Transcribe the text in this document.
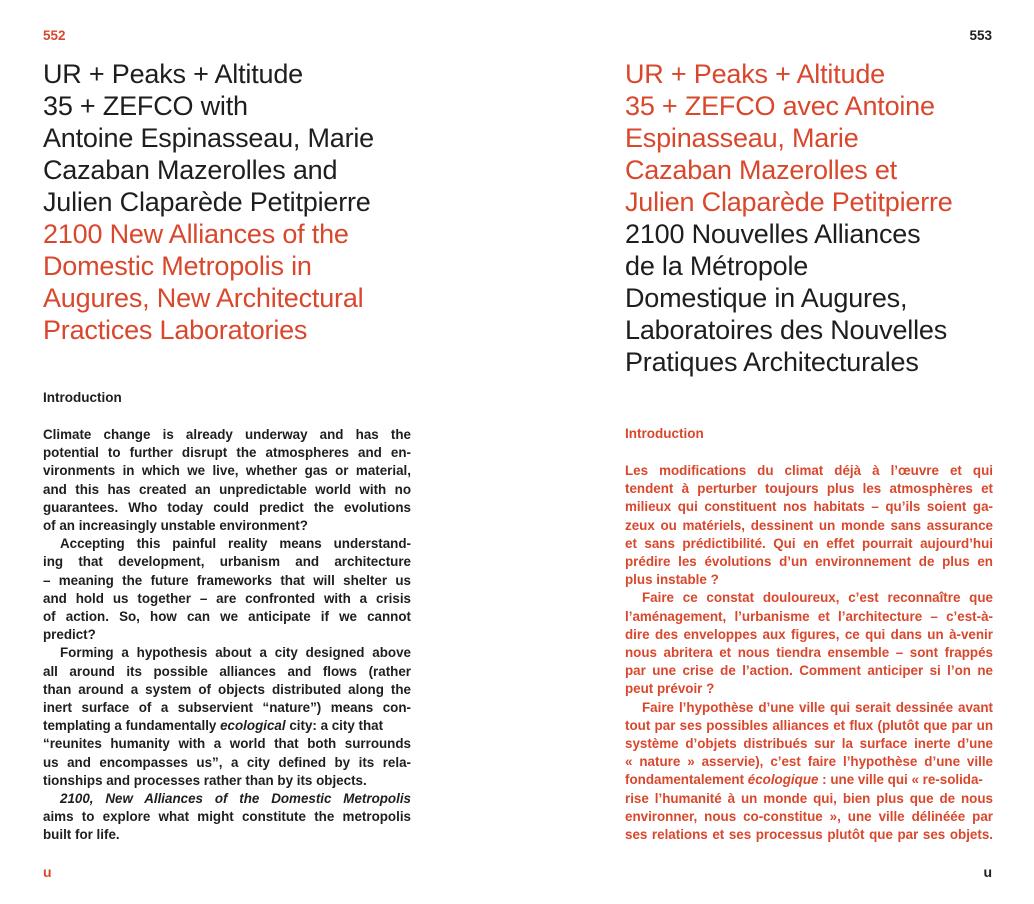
552
UR + Peaks + Altitude
35 + ZEFCO with
Antoine Espinasseau, Marie
Cazaban Mazerolles and
Julien Claparède Petitpierre
2100 New Alliances of the
Domestic Metropolis in
Augures, New Architectural
Practices Laboratories
Introduction
Climate change is already underway and has the
potential to further disrupt the atmospheres and en-
vironments in which we live, whether gas or material,
and this has created an unpredictable world with no
guarantees. Who today could predict the evolutions
of an increasingly unstable environment?
Accepting this painful reality means understand-
ing that development, urbanism and architecture
– meaning the future frameworks that will shelter us
and hold us together – are confronted with a crisis
of action. So, how can we anticipate if we cannot
predict?
Forming a hypothesis about a city designed above
all around its possible alliances and flows (rather
than around a system of objects distributed along the
inert surface of a subservient “nature”) means con-
templating a fundamentally ecological city: a city that
“reunites humanity with a world that both surrounds
us and encompasses us”, a city defined by its rela-
tionships and processes rather than by its objects.
2100, New Alliances of the Domestic Metropolis
aims to explore what might constitute the metropolis
built for life.
u
553
UR + Peaks + Altitude
35 + ZEFCO avec Antoine
Espinasseau, Marie
Cazaban Mazerolles et
Julien Claparède Petitpierre
2100 Nouvelles Alliances
de la Métropole
Domestique in Augures,
Laboratoires des Nouvelles
Pratiques Architecturales
Introduction
Les modifications du climat déjà à l’œuvre et qui
tendent à perturber toujours plus les atmosphères et
milieux qui constituent nos habitats – qu’ils soient ga-
zeux ou matériels, dessinent un monde sans assurance
et sans prédictibilité. Qui en effet pourrait aujourd’hui
prédire les évolutions d’un environnement de plus en
plus instable ?
Faire ce constat douloureux, c’est reconnaître que
l’aménagement, l’urbanisme et l’architecture – c’est-à-
dire des enveloppes aux figures, ce qui dans un à-venir
nous abritera et nous tiendra ensemble – sont frappés
par une crise de l’action. Comment anticiper si l’on ne
peut prévoir ?
Faire l’hypothèse d’une ville qui serait dessinée avant
tout par ses possibles alliances et flux (plutôt que par un
système d’objets distribués sur la surface inerte d’une
« nature » asservie), c’est faire l’hypothèse d’une ville
fondamentalement écologique : une ville qui « re-solida-
rise l’humanité à un monde qui, bien plus que de nous
environner, nous co-constitue », une ville délinéée par
ses relations et ses processus plutôt que par ses objets.
u
